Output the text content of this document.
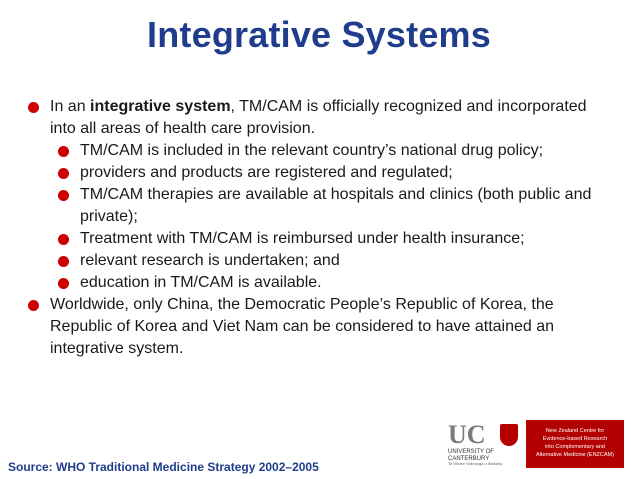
Integrative Systems

In an integrative system, TM/CAM is officially recognized and incorporated into all areas of health care provision.

TM/CAM is included in the relevant country’s national drug policy;

providers and products are registered and regulated;

TM/CAM therapies are available at hospitals and clinics (both public and private);

Treatment with TM/CAM is reimbursed under health insurance;

relevant research is undertaken; and

education in TM/CAM is available.

Worldwide, only China, the Democratic People’s Republic of Korea, the Republic of Korea and Viet Nam can be considered to have attained an integrative system.

Source: WHO Traditional Medicine Strategy 2002–2005
UC
UNIVERSITY OF CANTERBURY
Te Whare Wānanga o Waitaha
New Zealand Centre for
Evidence-based Research
into Complementary and
Alternative Medicine (ENZCAM)
